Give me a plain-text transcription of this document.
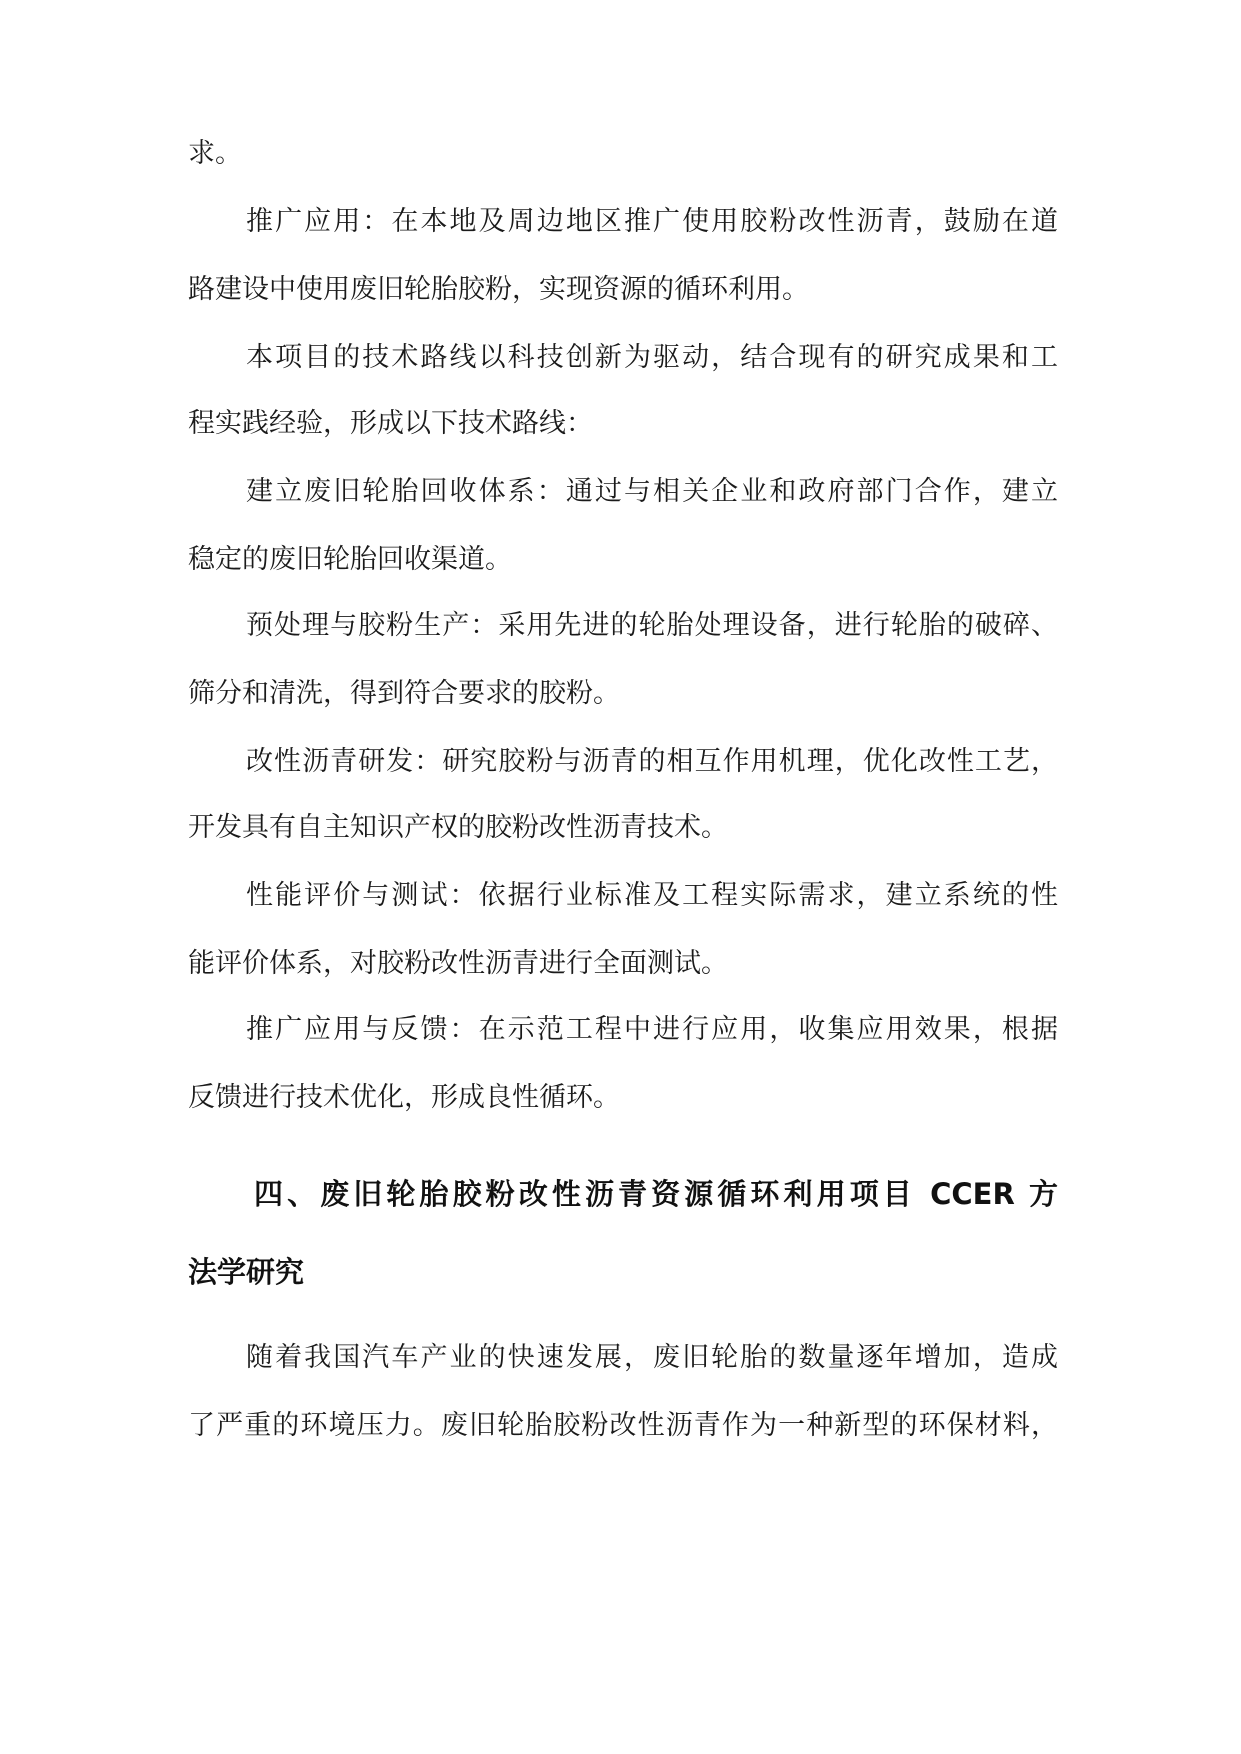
求。
推广应用：在本地及周边地区推广使用胶粉改性沥青，鼓励在道
路建设中使用废旧轮胎胶粉，实现资源的循环利用。
本项目的技术路线以科技创新为驱动，结合现有的研究成果和工
程实践经验，形成以下技术路线：
建立废旧轮胎回收体系：通过与相关企业和政府部门合作，建立
稳定的废旧轮胎回收渠道。
预处理与胶粉生产：采用先进的轮胎处理设备，进行轮胎的破碎、
筛分和清洗，得到符合要求的胶粉。
改性沥青研发：研究胶粉与沥青的相互作用机理，优化改性工艺，
开发具有自主知识产权的胶粉改性沥青技术。
性能评价与测试：依据行业标准及工程实际需求，建立系统的性
能评价体系，对胶粉改性沥青进行全面测试。
推广应用与反馈：在示范工程中进行应用，收集应用效果，根据
反馈进行技术优化，形成良性循环。
四、废旧轮胎胶粉改性沥青资源循环利用项目 CCER 方
法学研究
随着我国汽车产业的快速发展，废旧轮胎的数量逐年增加，造成
了严重的环境压力。废旧轮胎胶粉改性沥青作为一种新型的环保材料，
